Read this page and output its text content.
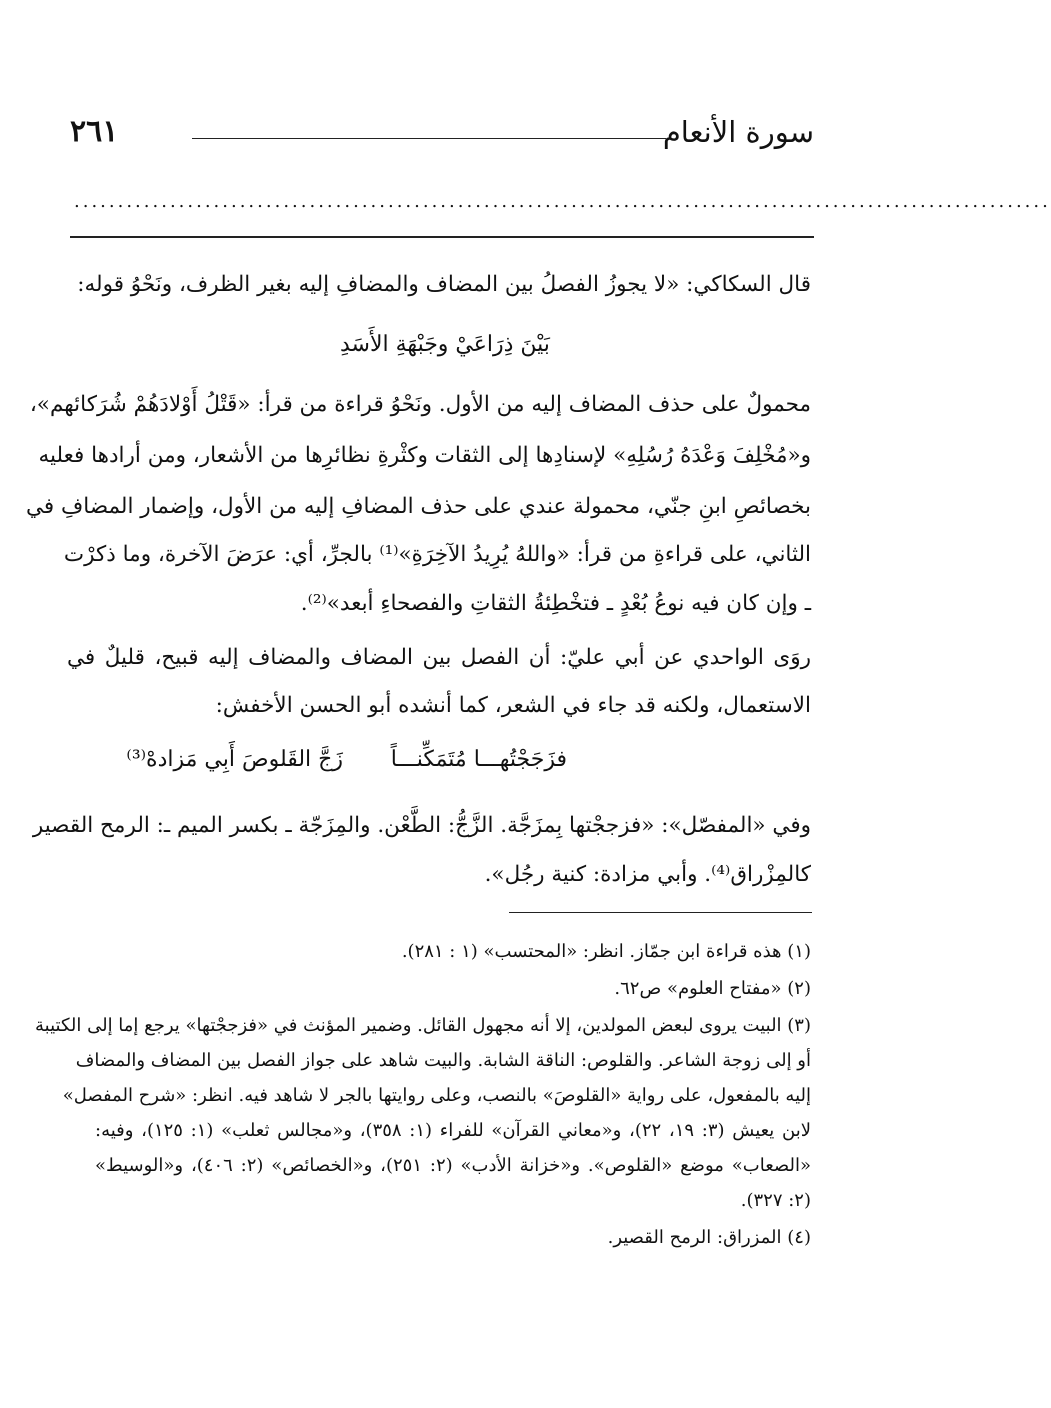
٢٦١	سورة الأنعام
................................................................................................................
قال السكاكي: «لا يجوزُ الفصلُ بين المضاف والمضافِ إليه بغير الظرف، ونَحْوُ قوله:
بَيْنَ ذِرَاعَيْ وجَبْهَةِ الأَسَدِ
محمولٌ على حذف المضاف إليه من الأول. ونَحْوُ قراءة من قرأ: «قَتْلُ أَوْلادَهُمْ شُرَكائهم»،
و«مُخْلِفَ وَعْدَهُ رُسُلِهِ» لإسنادِها إلى الثقات وكثْرةِ نظائرِها من الأشعار، ومن أرادها فعليه
بخصائصِ ابنِ جنّي، محمولة عندي على حذف المضافِ إليه من الأول، وإضمار المضافِ في
الثاني، على قراءةِ من قرأ: «واللهُ يُرِيدُ الآخِرَةِ»⁽¹⁾ بالجرِّ، أي: عرَضَ الآخرة، وما ذكرْت
ـ وإن كان فيه نوعُ بُعْدٍ ـ فتخْطِئةُ الثقاتِ والفصحاءِ أبعد»⁽²⁾.
روَى الواحدي عن أبي عليّ: أن الفصل بين المضاف والمضاف إليه قبيح، قليلٌ في
الاستعمال، ولكنه قد جاء في الشعر، كما أنشده أبو الحسن الأخفش:
فزَجَجْتُهـــا مُتَمَكِّنـــاً
زَجَّ القَلوصَ أَبِي مَزادهْ⁽³⁾
وفي «المفصّل»: «فزججْتها بِمزَجَّة. الزَّجُّ: الطَّعْن. والمِزَجّة ـ بكسر الميم ـ: الرمح القصير
كالمِزْراق⁽⁴⁾. وأبي مزادة: كنية رجُل».
(١) هذه قراءة ابن جمّاز. انظر: «المحتسب» (١ : ٢٨١).
(٢) «مفتاح العلوم» ص٦٢.
(٣) البيت يروى لبعض المولدين، إلا أنه مجهول القائل. وضمير المؤنث في «فزججْتها» يرجع إما إلى الكتيبة
أو إلى زوجة الشاعر. والقلوص: الناقة الشابة. والبيت شاهد على جواز الفصل بين المضاف والمضاف
إليه بالمفعول، على رواية «القلوصَ» بالنصب، وعلى روايتها بالجر لا شاهد فيه. انظر: «شرح المفصل»
لابن يعيش (٣: ١٩، ٢٢)، و«معاني القرآن» للفراء (١: ٣٥٨)، و«مجالس ثعلب» (١: ١٢٥)، وفيه:
«الصعاب» موضع «القلوص». و«خزانة الأدب» (٢: ٢٥١)، و«الخصائص» (٢: ٤٠٦)، و«الوسيط»
(٢: ٣٢٧).
(٤) المزراق: الرمح القصير.
